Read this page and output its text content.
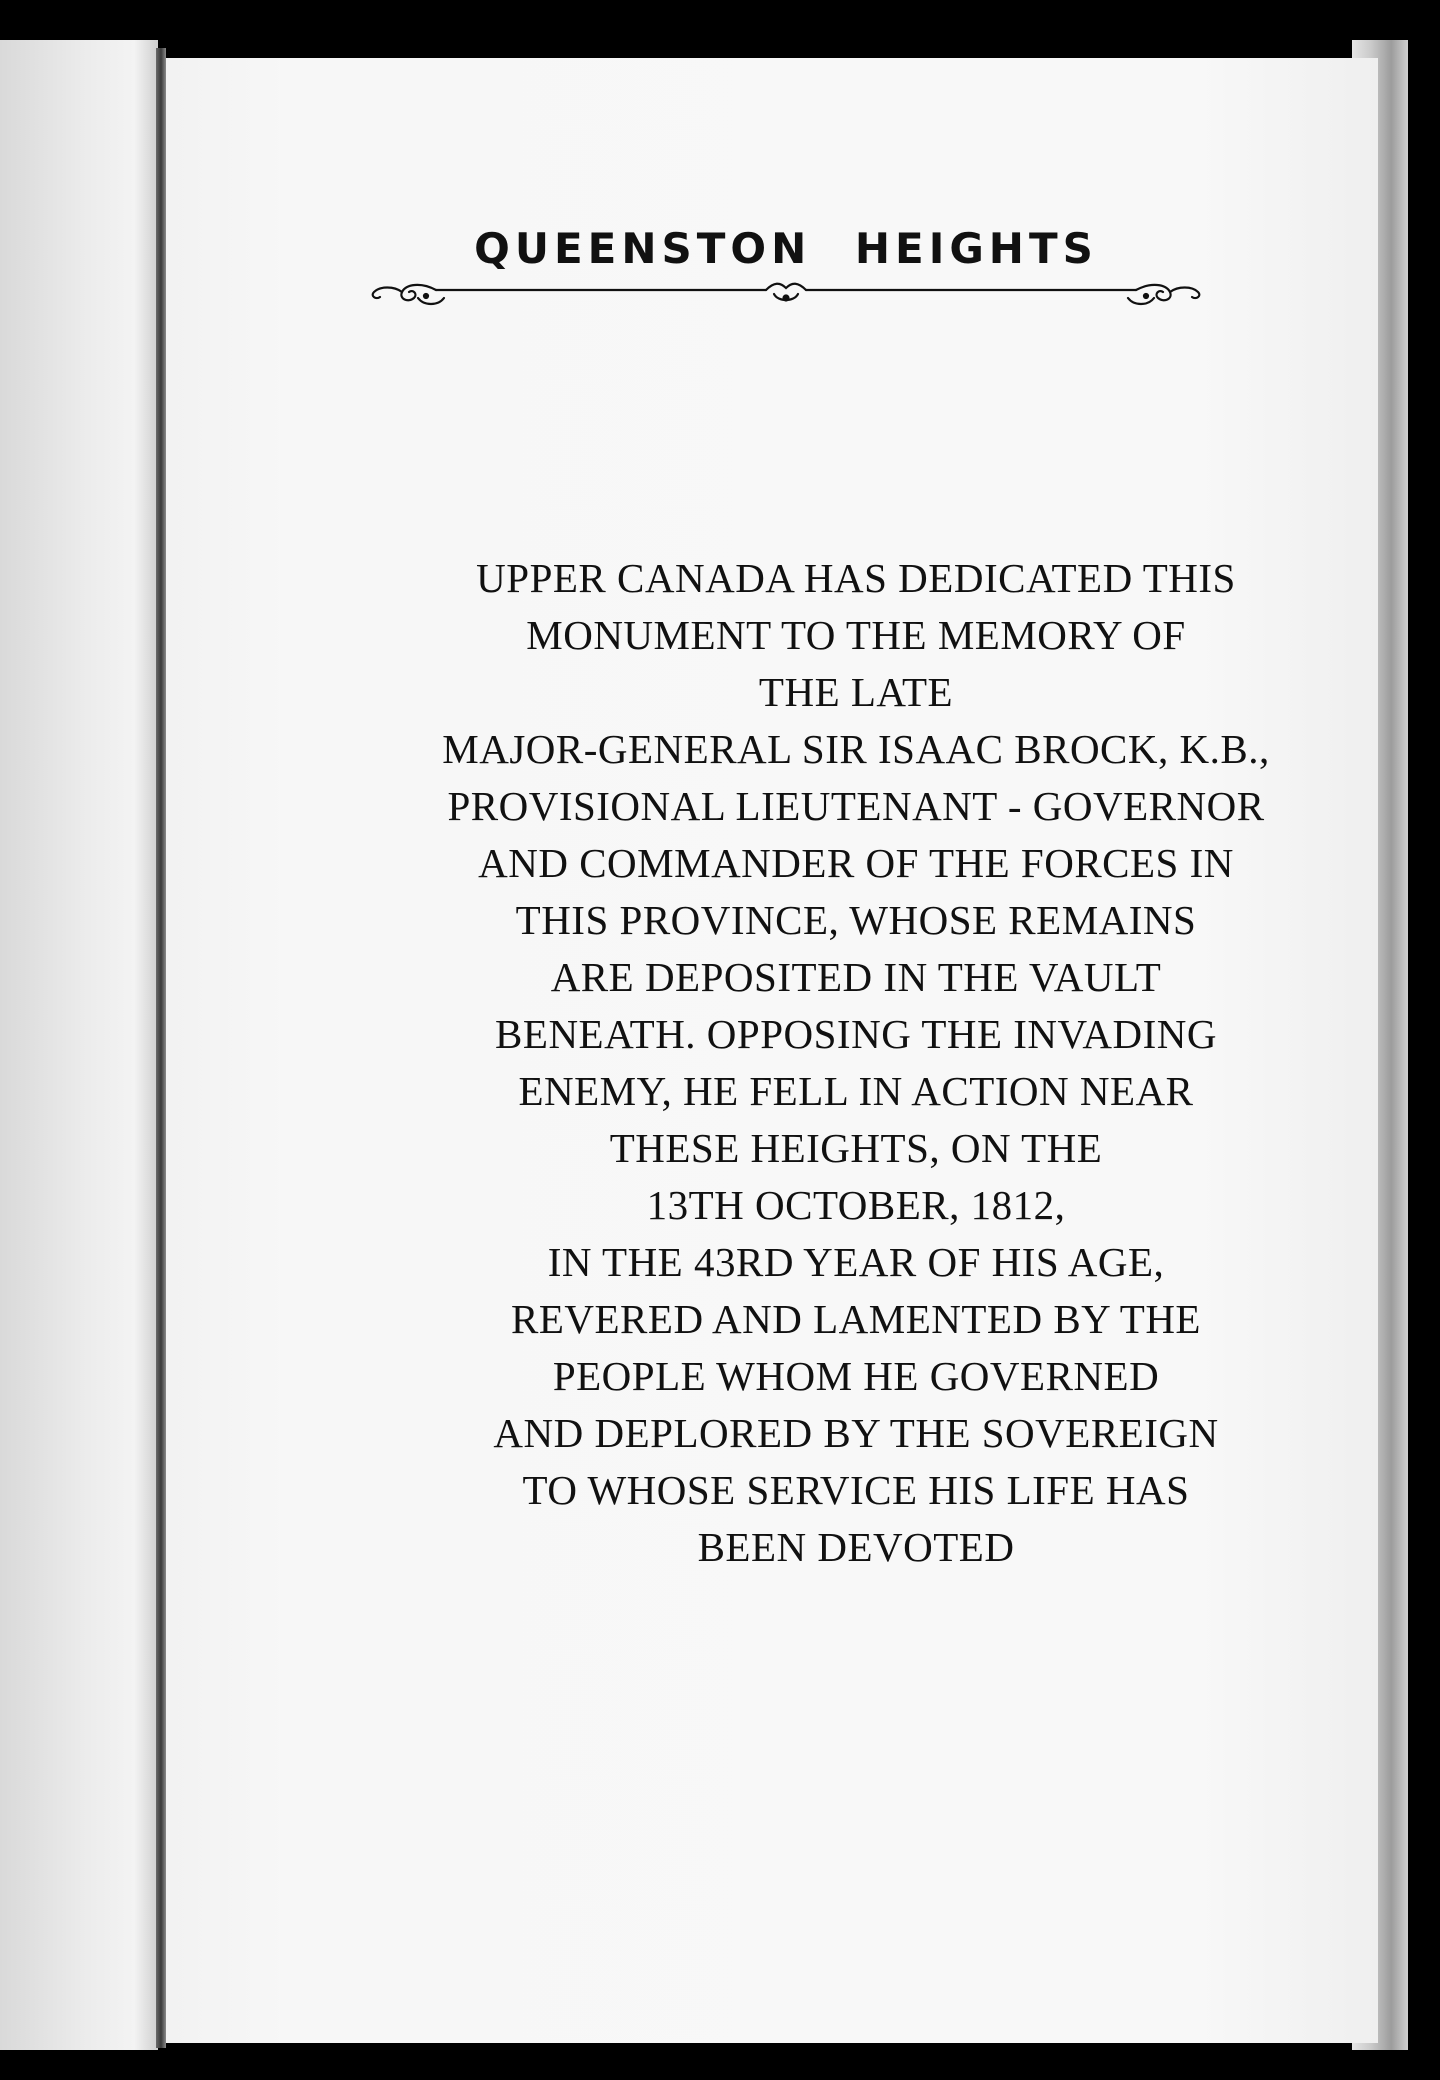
QUEENSTON HEIGHTS

UPPER CANADA HAS DEDICATED THIS

MONUMENT TO THE MEMORY OF

THE LATE

MAJOR-GENERAL SIR ISAAC BROCK, K.B.,

PROVISIONAL LIEUTENANT - GOVERNOR

AND COMMANDER OF THE FORCES IN

THIS PROVINCE, WHOSE REMAINS

ARE DEPOSITED IN THE VAULT

BENEATH. OPPOSING THE INVADING

ENEMY, HE FELL IN ACTION NEAR

THESE HEIGHTS, ON THE

13TH OCTOBER, 1812,

IN THE 43RD YEAR OF HIS AGE,

REVERED AND LAMENTED BY THE

PEOPLE WHOM HE GOVERNED

AND DEPLORED BY THE SOVEREIGN

TO WHOSE SERVICE HIS LIFE HAS

BEEN DEVOTED
